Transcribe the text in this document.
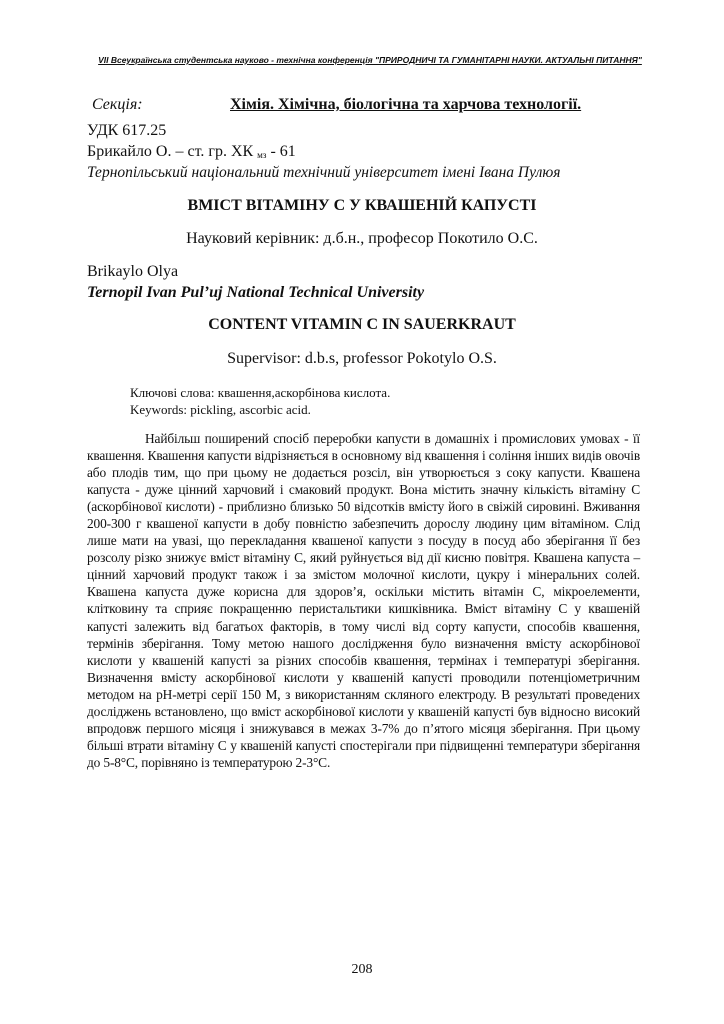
VII Всеукраїнська студентська науково - технічна конференція "ПРИРОДНИЧІ ТА ГУМАНІТАРНІ НАУКИ. АКТУАЛЬНІ ПИТАННЯ"
Секція:	Хімія. Хімічна, біологічна та харчова технології.
УДК 617.25
Брикайло О. – ст. гр. ХК $_{мз}$ - 61
Тернопільський національний технічний університет імені Івана Пулюя
ВМІСТ ВІТАМІНУ С У КВАШЕНІЙ КАПУСТІ
Науковий керівник: д.б.н., професор Покотило О.С.
Brikaylo Olya
Ternopil Ivan Pul’uj National Technical University
CONTENT VITAMIN C IN SAUERKRAUT
Supervisor: d.b.s, professor Pokotylo O.S.
Ключові слова: квашення,аскорбінова кислота.
Keywords: pickling, ascorbic acid.

Найбільш поширений спосіб переробки капусти в домашніх і промислових умовах - її квашення. Квашення капусти відрізняється в основному від квашення і соління інших видів овочів або плодів тим, що при цьому не додається розсіл, він утворюється з соку капусти. Квашена капуста - дуже цінний харчовий і смаковий продукт. Вона містить значну кількість вітаміну С (аскорбінової кислоти) - приблизно близько 50 відсотків вмісту його в свіжій сировині. Вживання 200-300 г квашеної капусти в добу повністю забезпечить дорослу людину цим вітаміном. Слід лише мати на увазі, що перекладання квашеної капусти з посуду в посуд або зберігання її без розсолу різко знижує вміст вітаміну С, який руйнується від дії кисню повітря. Квашена капуста – цінний харчовий продукт також і за змістом молочної кислоти, цукру і мінеральних солей. Квашена капуста дуже корисна для здоров’я, оскільки містить вітамін С, мікроелементи, клітковину та сприяє покращенню перистальтики кишківника. Вміст вітаміну С у квашеній капусті залежить від багатьох факторів, в тому числі від сорту капусти, способів квашення, термінів зберігання. Тому метою нашого дослідження було визначення вмісту аскорбінової кислоти у квашеній капусті за різних способів квашення, термінах і температурі зберігання. Визначення вмісту аскорбінової кислоти у квашеній капусті проводили потенціометричним методом на pH-метрі серії 150 М, з використанням скляного електроду. В результаті проведених досліджень встановлено, що вміст аскорбінової кислоти у квашеній капусті був відносно високий впродовж першого місяця і знижувався в межах 3-7% до п’ятого місяця зберігання. При цьому більші втрати вітаміну С у квашеній капусті спостерігали при підвищенні температури зберігання до 5-8°С, порівняно із температурою 2-3°С.

208
